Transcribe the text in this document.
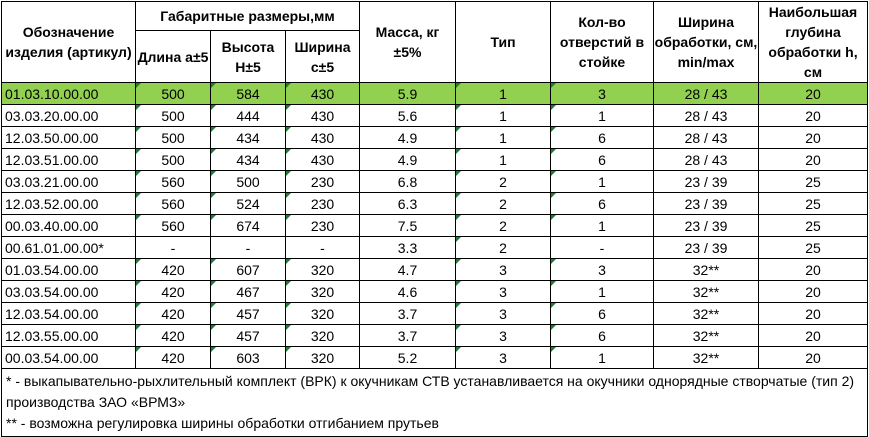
Обозначение изделия (артикул)	Габаритные размеры,мм			Масса, кг ±5%	Тип	Кол-во отверстий в стойке	Ширина обработки, см, min/max	Наибольшая глубина обработки h, см
	Длина a±5	Высота H±5	Ширина c±5					
01.03.10.00.00	500	584	430	5.9	1	3	28 / 43	20
03.03.20.00.00	500	444	430	5.6	1	1	28 / 43	20
12.03.50.00.00	500	434	430	4.9	1	6	28 / 43	20
12.03.51.00.00	500	434	430	4.9	1	6	28 / 43	20
03.03.21.00.00	560	500	230	6.8	2	1	23 / 39	25
12.03.52.00.00	560	524	230	6.3	2	6	23 / 39	25
00.03.40.00.00	560	674	230	7.5	2	1	23 / 39	25
00.61.01.00.00*	-	-	-	3.3	2	-	23 / 39	25
01.03.54.00.00	420	607	320	4.7	3	3	32**	20
03.03.54.00.00	420	467	320	4.6	3	1	32**	20
12.03.54.00.00	420	457	320	3.7	3	6	32**	20
12.03.55.00.00	420	457	320	3.7	3	6	32**	20
00.03.54.00.00	420	603	320	5.2	3	1	32**	20

* - выкапывательно-рыхлительный комплект (ВРК) к окучникам СТВ устанавливается на окучники однорядные створчатые (тип 2) производства ЗАО «ВРМЗ»
** - возможна регулировка ширины обработки отгибанием прутьев								
